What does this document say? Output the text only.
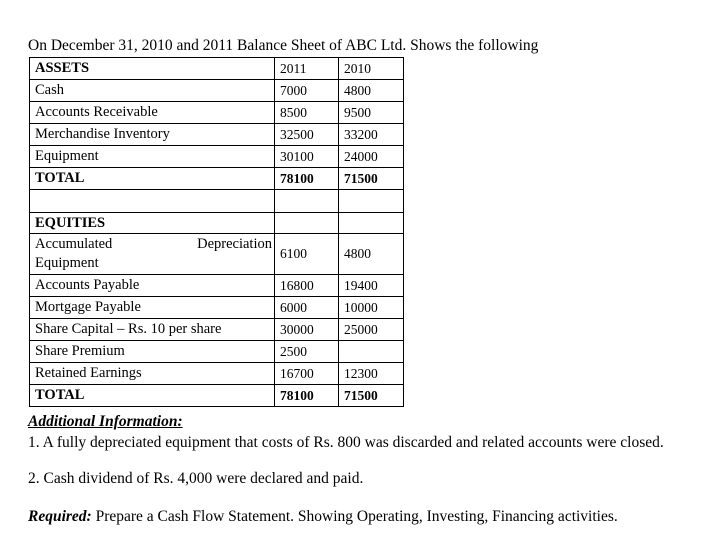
On December 31, 2010 and 2011 Balance Sheet of ABC Ltd. Shows the following
ASSETS	2011	2010
Cash	7000	4800
Accounts Receivable	8500	9500
Merchandise Inventory	32500	33200
Equipment	30100	24000
TOTAL	78100	71500

EQUITIES		

Accumulated Depreciation
Equipment	6100	4800
Accounts Payable	16800	19400
Mortgage Payable	6000	10000
Share Capital – Rs. 10 per share	30000	25000
Share Premium	2500	
Retained Earnings	16700	12300
TOTAL	78100	71500
Additional Information:
1. A fully depreciated equipment that costs of Rs. 800 was discarded and related accounts were closed.
2. Cash dividend of Rs. 4,000 were declared and paid.
Required: Prepare a Cash Flow Statement. Showing Operating, Investing, Financing activities.
